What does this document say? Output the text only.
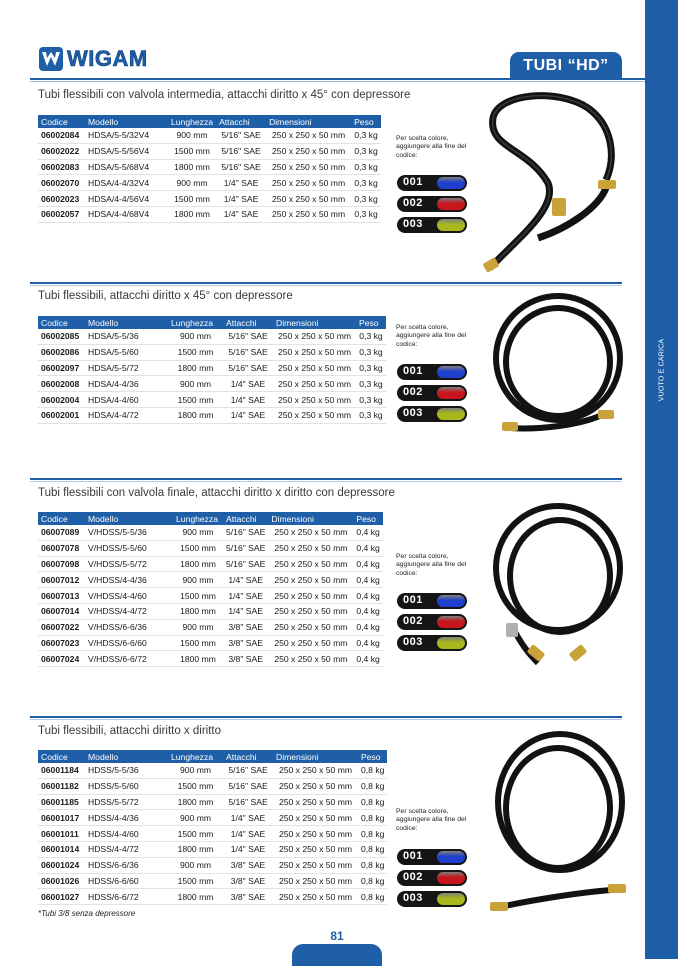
VUOTO E CARICA
WIGAM	TUBI “HD”
Tubi flessibili con valvola intermedia, attacchi diritto x 45° con depressore
Codice	Modello	Lunghezza	Attacchi	Dimensioni	Peso
06002084	HDSA/5-5/32V4	900 mm	5/16" SAE	250 x 250 x 50 mm	0,3 kg
06002022	HDSA/5-5/56V4	1500 mm	5/16" SAE	250 x 250 x 50 mm	0,3 kg
06002083	HDSA/5-5/68V4	1800 mm	5/16" SAE	250 x 250 x 50 mm	0,3 kg
06002070	HDSA/4-4/32V4	900 mm	1/4" SAE	250 x 250 x 50 mm	0,3 kg
06002023	HDSA/4-4/56V4	1500 mm	1/4" SAE	250 x 250 x 50 mm	0,3 kg
06002057	HDSA/4-4/68V4	1800 mm	1/4" SAE	250 x 250 x 50 mm	0,3 kg
Per scelta colore, aggiungere alla fine del codice:
001
002
003
Tubi flessibili, attacchi diritto x 45° con depressore
Codice	Modello	Lunghezza	Attacchi	Dimensioni	Peso
06002085	HDSA/5-5/36	900 mm	5/16" SAE	250 x 250 x 50 mm	0,3 kg
06002086	HDSA/5-5/60	1500 mm	5/16" SAE	250 x 250 x 50 mm	0,3 kg
06002097	HDSA/5-5/72	1800 mm	5/16" SAE	250 x 250 x 50 mm	0,3 kg
06002008	HDSA/4-4/36	900 mm	1/4" SAE	250 x 250 x 50 mm	0,3 kg
06002004	HDSA/4-4/60	1500 mm	1/4" SAE	250 x 250 x 50 mm	0,3 kg
06002001	HDSA/4-4/72	1800 mm	1/4" SAE	250 x 250 x 50 mm	0,3 kg
Per scelta colore, aggiungere alla fine del codice:
001
002
003
Tubi flessibili con valvola finale, attacchi diritto x diritto con depressore
Codice	Modello	Lunghezza	Attacchi	Dimensioni	Peso
06007089	V/HDSS/5-5/36	900 mm	5/16" SAE	250 x 250 x 50 mm	0,4 kg
06007078	V/HDSS/5-5/60	1500 mm	5/16" SAE	250 x 250 x 50 mm	0,4 kg
06007098	V/HDSS/5-5/72	1800 mm	5/16" SAE	250 x 250 x 50 mm	0,4 kg
06007012	V/HDSS/4-4/36	900 mm	1/4" SAE	250 x 250 x 50 mm	0,4 kg
06007013	V/HDSS/4-4/60	1500 mm	1/4" SAE	250 x 250 x 50 mm	0,4 kg
06007014	V/HDSS/4-4/72	1800 mm	1/4" SAE	250 x 250 x 50 mm	0,4 kg
06007022	V/HDSS/6-6/36	900 mm	3/8" SAE	250 x 250 x 50 mm	0,4 kg
06007023	V/HDSS/6-6/60	1500 mm	3/8" SAE	250 x 250 x 50 mm	0,4 kg
06007024	V/HDSS/6-6/72	1800 mm	3/8" SAE	250 x 250 x 50 mm	0,4 kg
Per scelta colore, aggiungere alla fine del codice:
001
002
003
Tubi flessibili, attacchi diritto x diritto
Codice	Modello	Lunghezza	Attacchi	Dimensioni	Peso
06001184	HDSS/5-5/36	900 mm	5/16" SAE	250 x 250 x 50 mm	0,8 kg
06001182	HDSS/5-5/60	1500 mm	5/16" SAE	250 x 250 x 50 mm	0,8 kg
06001185	HDSS/5-5/72	1800 mm	5/16" SAE	250 x 250 x 50 mm	0,8 kg
06001017	HDSS/4-4/36	900 mm	1/4" SAE	250 x 250 x 50 mm	0,8 kg
06001011	HDSS/4-4/60	1500 mm	1/4" SAE	250 x 250 x 50 mm	0,8 kg
06001014	HDSS/4-4/72	1800 mm	1/4" SAE	250 x 250 x 50 mm	0,8 kg
06001024	HDSS/6-6/36	900 mm	3/8" SAE	250 x 250 x 50 mm	0,8 kg
06001026	HDSS/6-6/60	1500 mm	3/8" SAE	250 x 250 x 50 mm	0,8 kg
06001027	HDSS/6-6/72	1800 mm	3/8" SAE	250 x 250 x 50 mm	0,8 kg
Per scelta colore, aggiungere alla fine del codice:
001
002
003
*Tubi 3/8 senza depressore
81
